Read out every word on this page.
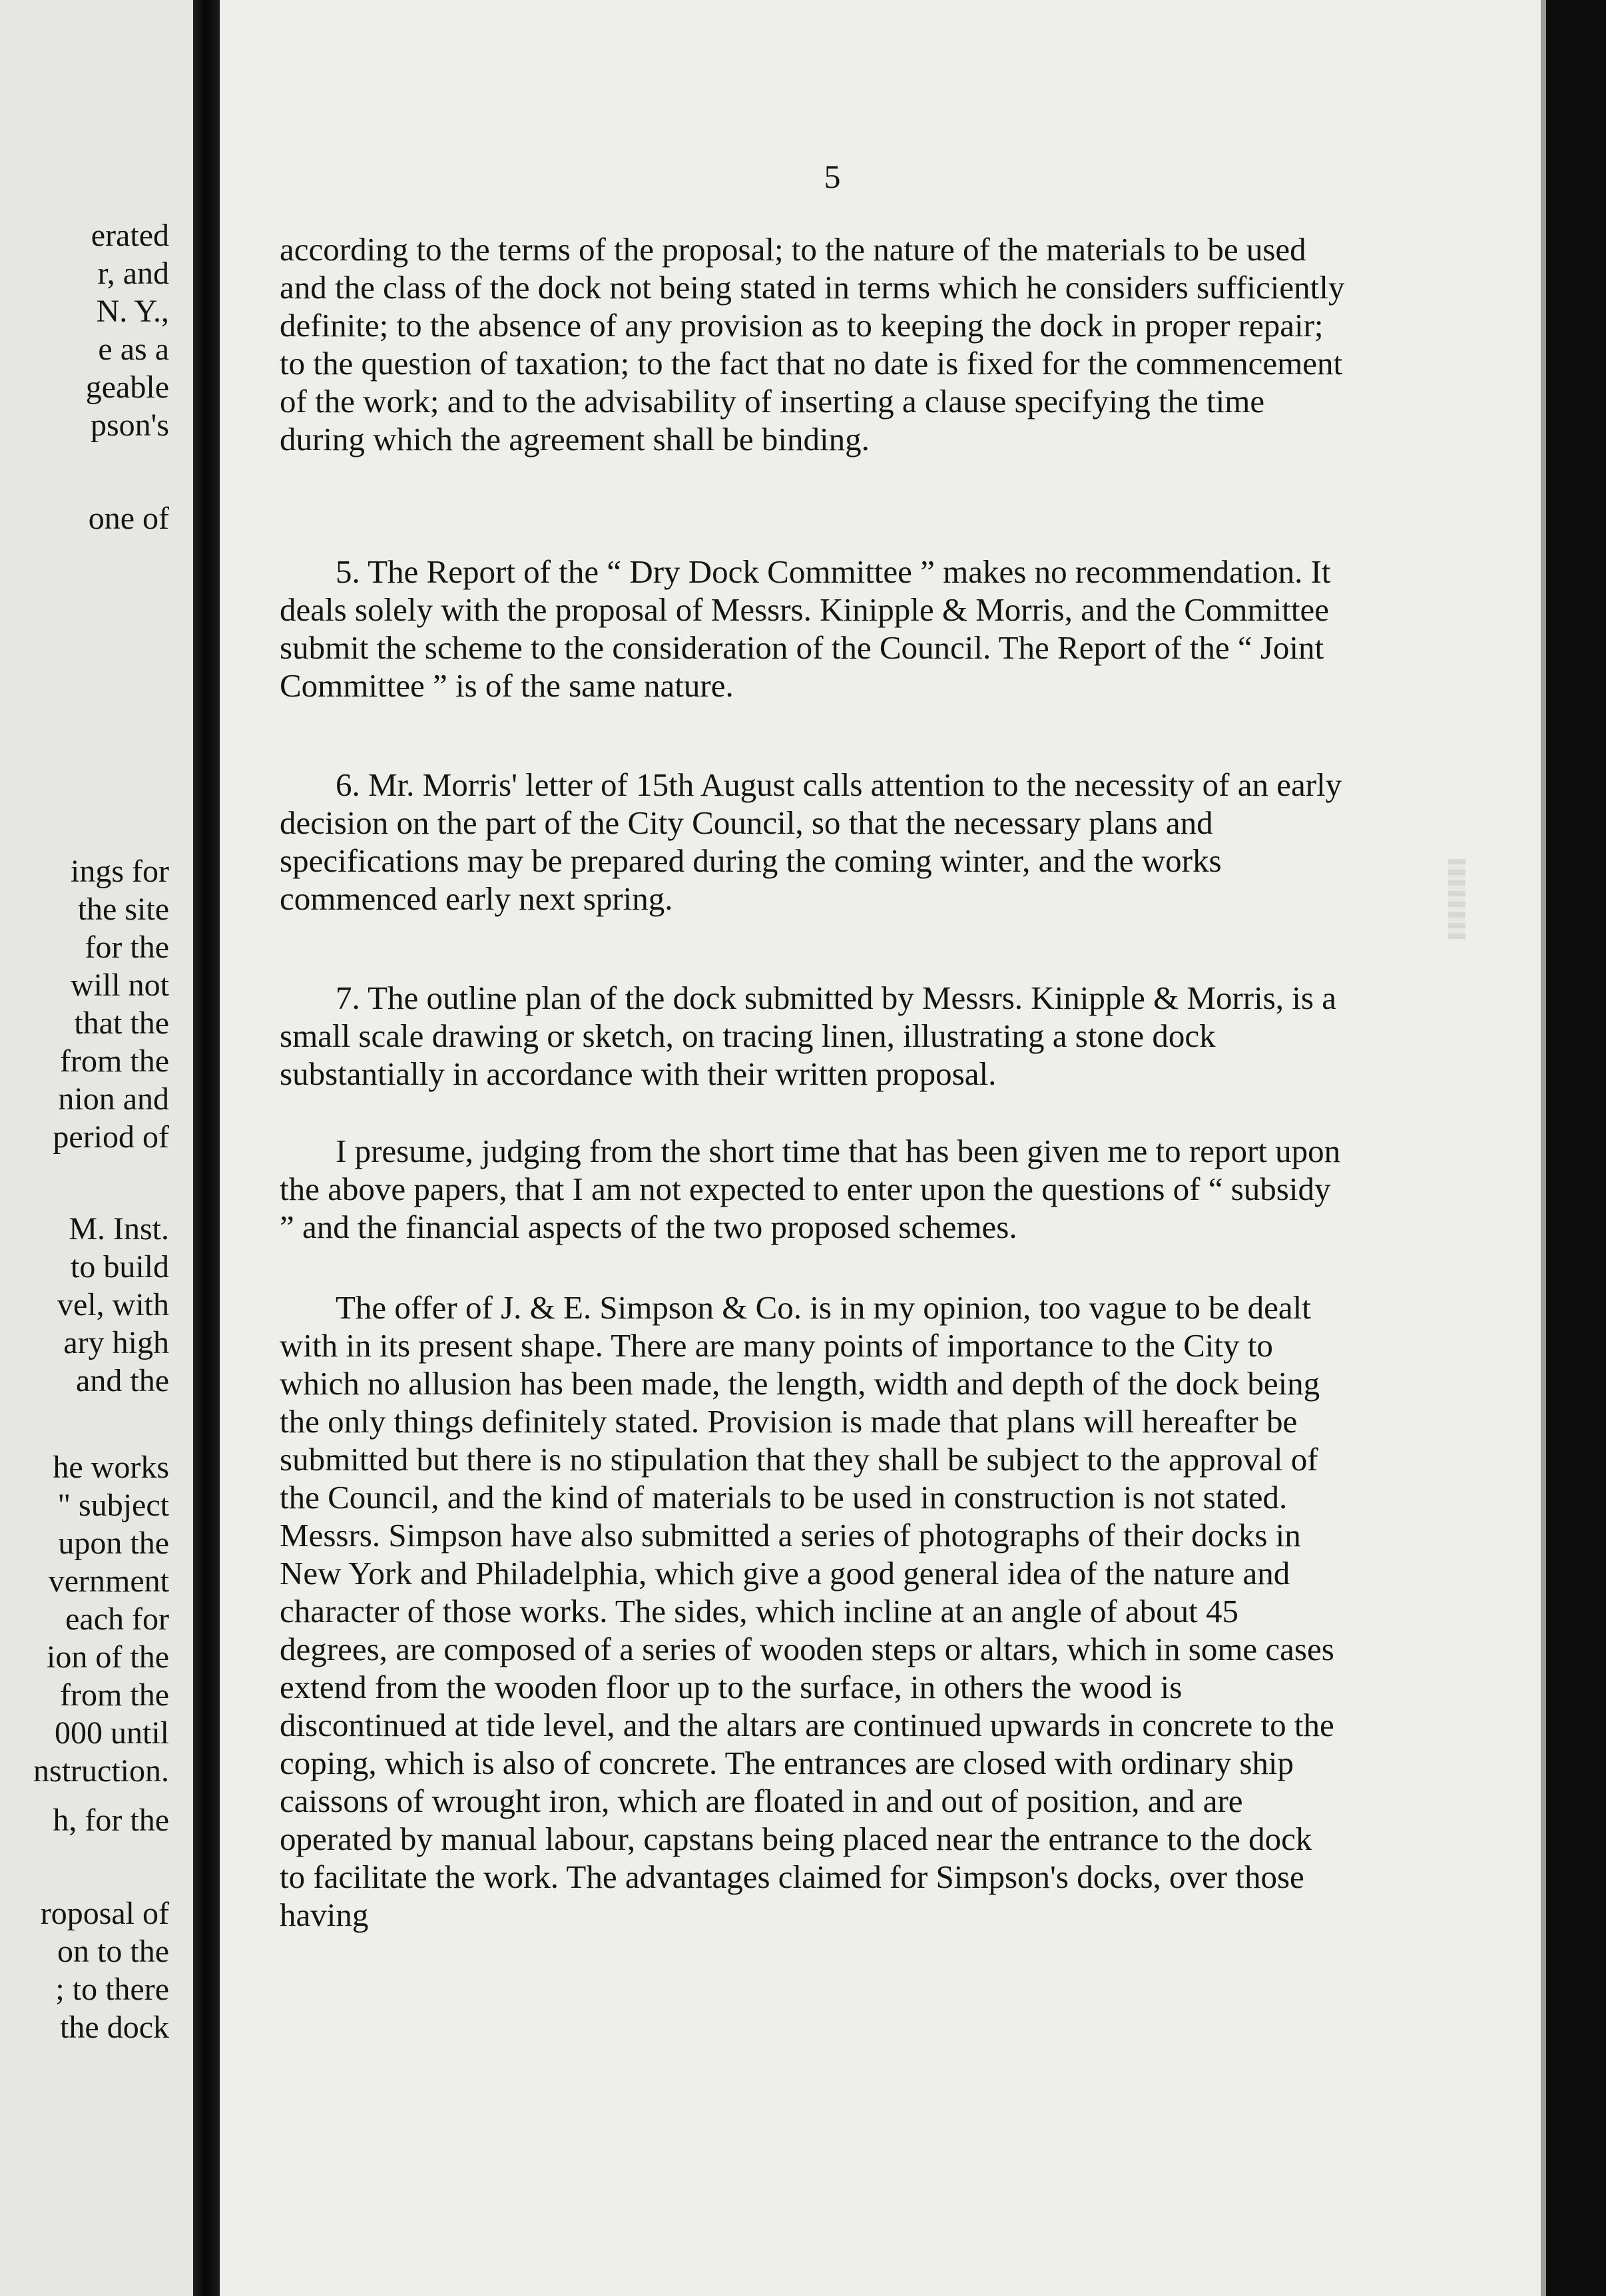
erated
r, and
N. Y.,
e as a
geable
pson's
one of
ings for
the site
for the
will not
that the
from the
nion and
period of
M. Inst.
to build
vel, with
ary high
and the
he works
" subject
upon the
vernment
each for
ion of the
from the
000 until
nstruction.
h, for the
roposal of
on to the
; to there
the dock
5

according to the terms of the proposal; to the nature of the materials to be used and the class of the dock not being stated in terms which he considers sufficiently definite; to the absence of any provision as to keeping the dock in proper repair; to the question of taxation; to the fact that no date is fixed for the commencement of the work; and to the advisability of inserting a clause specifying the time during which the agreement shall be binding.

5. The Report of the “ Dry Dock Committee ” makes no recommendation. It deals solely with the proposal of Messrs. Kinipple & Morris, and the Committee submit the scheme to the consideration of the Council. The Report of the “ Joint Committee ” is of the same nature.

6. Mr. Morris' letter of 15th August calls attention to the necessity of an early decision on the part of the City Council, so that the necessary plans and specifications may be prepared during the coming winter, and the works commenced early next spring.

7. The outline plan of the dock submitted by Messrs. Kinipple & Morris, is a small scale drawing or sketch, on tracing linen, illustrating a stone dock substantially in accordance with their written proposal.

I presume, judging from the short time that has been given me to report upon the above papers, that I am not expected to enter upon the questions of “ subsidy ” and the financial aspects of the two proposed schemes.

The offer of J. & E. Simpson & Co. is in my opinion, too vague to be dealt with in its present shape. There are many points of importance to the City to which no allusion has been made, the length, width and depth of the dock being the only things definitely stated. Provision is made that plans will hereafter be submitted but there is no stipulation that they shall be subject to the approval of the Council, and the kind of materials to be used in construction is not stated. Messrs. Simpson have also submitted a series of photographs of their docks in New York and Philadelphia, which give a good general idea of the nature and character of those works. The sides, which incline at an angle of about 45 degrees, are composed of a series of wooden steps or altars, which in some cases extend from the wooden floor up to the surface, in others the wood is discontinued at tide level, and the altars are continued upwards in concrete to the coping, which is also of concrete. The entrances are closed with ordinary ship caissons of wrought iron, which are floated in and out of position, and are operated by manual labour, capstans being placed near the entrance to the dock to facilitate the work. The advantages claimed for Simpson's docks, over those having
